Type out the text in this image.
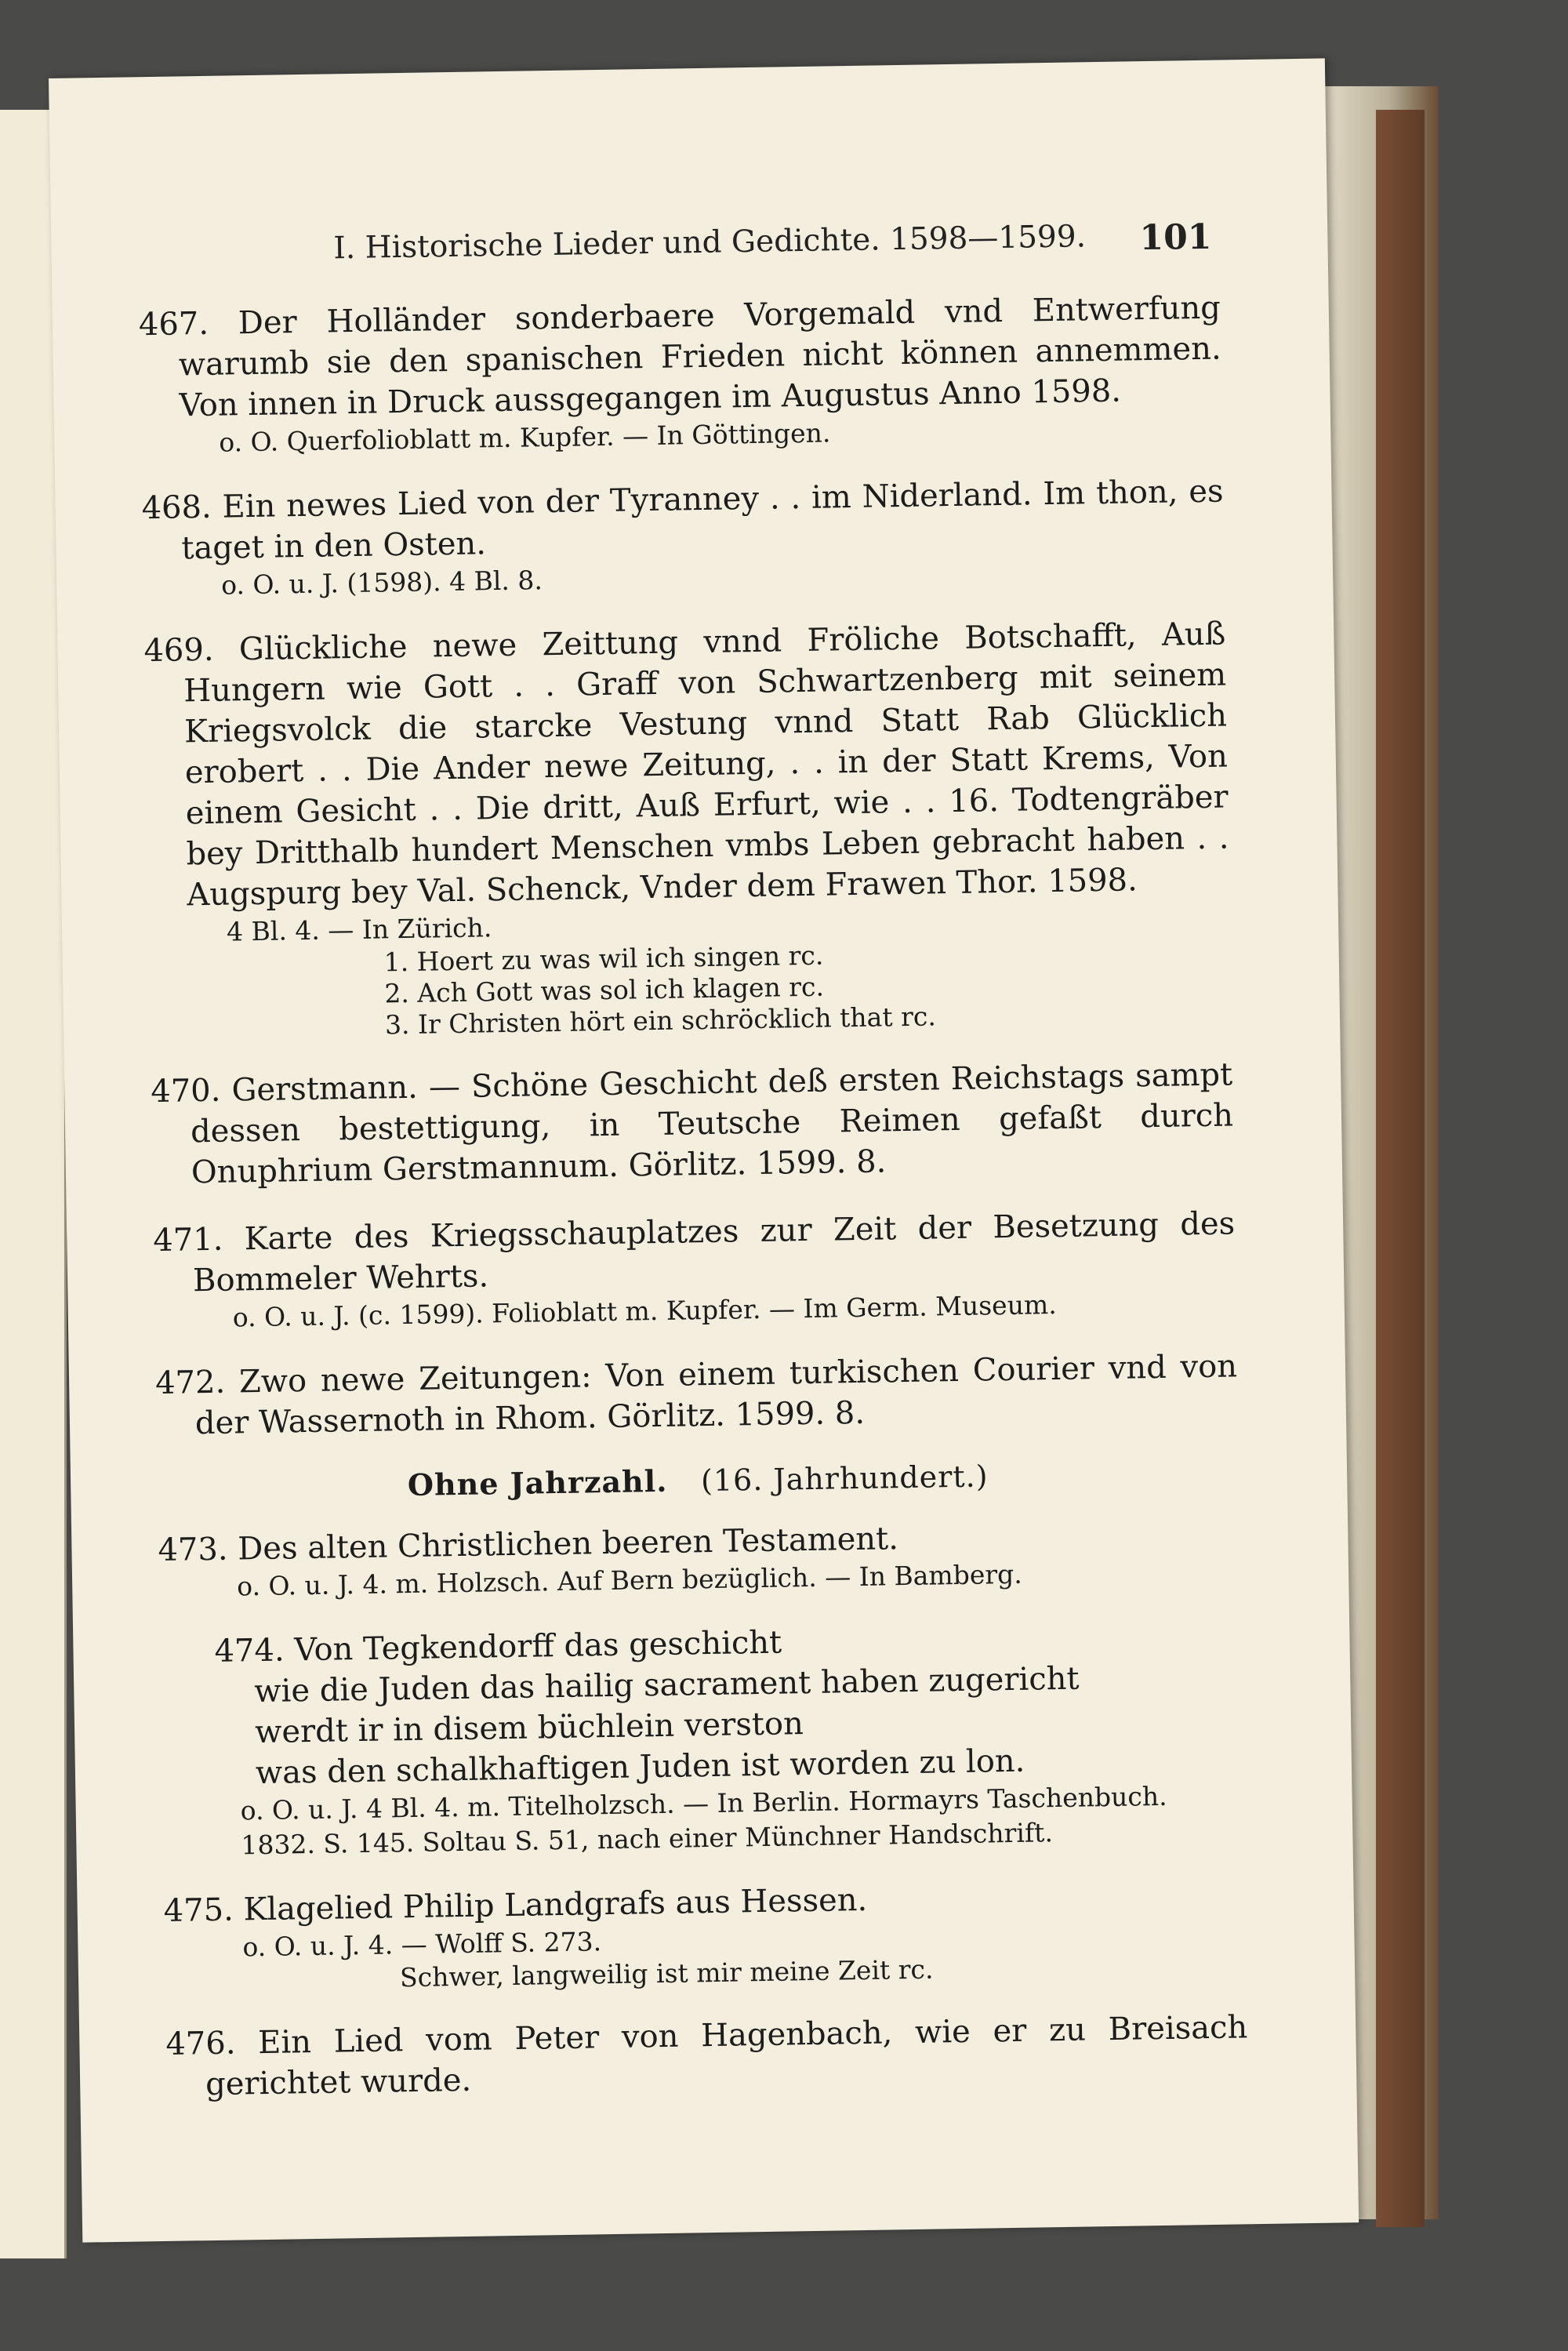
I. Historische Lieder und Gedichte. 1598—1599. 101
467. Der Holländer sonderbaere Vorgemald vnd Entwerfung warumb sie den spanischen Frieden nicht können annemmen. Von innen in Druck aussgegangen im Augustus Anno 1598.
o. O. Querfolioblatt m. Kupfer. — In Göttingen.
468. Ein newes Lied von der Tyranney . . im Niderland. Im thon, es taget in den Osten.
o. O. u. J. (1598). 4 Bl. 8.
469. Glückliche newe Zeittung vnnd Fröliche Botschafft, Auß Hungern wie Gott . . Graff von Schwartzenberg mit seinem Kriegsvolck die starcke Vestung vnnd Statt Rab Glücklich erobert . . Die Ander newe Zeitung, . . in der Statt Krems, Von einem Gesicht . . Die dritt, Auß Erfurt, wie . . 16. Todtengräber bey Dritthalb hundert Menschen vmbs Leben gebracht haben . . Augspurg bey Val. Schenck, Vnder dem Frawen Thor. 1598.
4 Bl. 4. — In Zürich.
1. Hoert zu was wil ich singen rc.
2. Ach Gott was sol ich klagen rc.
3. Ir Christen hört ein schröcklich that rc.
470. Gerstmann. — Schöne Geschicht deß ersten Reichstags sampt dessen bestettigung, in Teutsche Reimen gefaßt durch Onuphrium Gerstmannum. Görlitz. 1599. 8.
471. Karte des Kriegsschauplatzes zur Zeit der Besetzung des Bommeler Wehrts.
o. O. u. J. (c. 1599). Folioblatt m. Kupfer. — Im Germ. Museum.
472. Zwo newe Zeitungen: Von einem turkischen Courier vnd von der Wassernoth in Rhom. Görlitz. 1599. 8.
Ohne Jahrzahl. (16. Jahrhundert.)
473. Des alten Christlichen beeren Testament.
o. O. u. J. 4. m. Holzsch. Auf Bern bezüglich. — In Bamberg.
474. Von Tegkendorff das geschicht
wie die Juden das hailig sacrament haben zugericht
werdt ir in disem büchlein verston
was den schalkhaftigen Juden ist worden zu lon.
o. O. u. J. 4 Bl. 4. m. Titelholzsch. — In Berlin. Hormayrs Taschenbuch. 1832. S. 145. Soltau S. 51, nach einer Münchner Handschrift.
475. Klagelied Philip Landgrafs aus Hessen.
o. O. u. J. 4. — Wolff S. 273.
Schwer, langweilig ist mir meine Zeit rc.
476. Ein Lied vom Peter von Hagenbach, wie er zu Breisach gerichtet wurde.
